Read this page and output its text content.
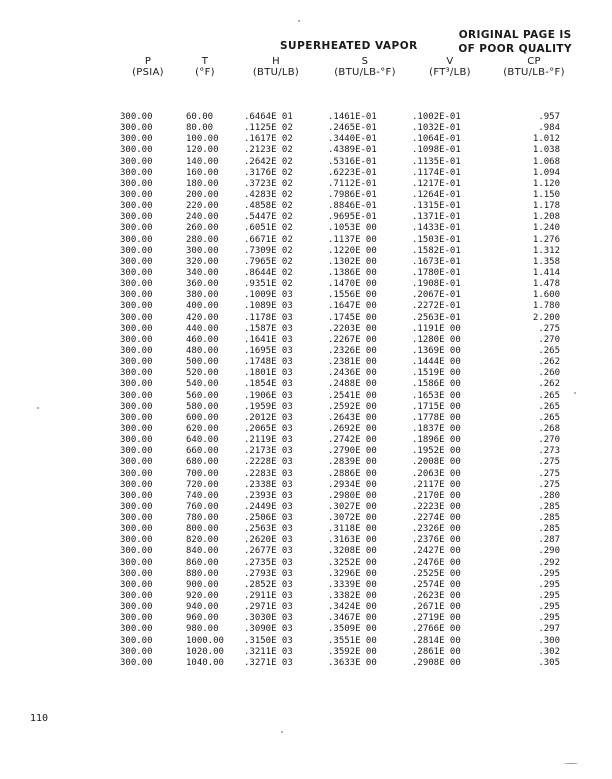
ORIGINAL PAGE IS
OF POOR QUALITY
SUPERHEATED VAPOR
P
(PSIA)
T
(°F)
H
(BTU/LB)
S
(BTU/LB-°F)
V
(FT³/LB)
CP
(BTU/LB-°F)
300.00	60.00	.6464E 01	.1461E-01	.1002E-01	.957
300.00	80.00	.1125E 02	.2465E-01	.1032E-01	.984
300.00	100.00	.1617E 02	.3440E-01	.1064E-01	1.012
300.00	120.00	.2123E 02	.4389E-01	.1098E-01	1.038
300.00	140.00	.2642E 02	.5316E-01	.1135E-01	1.068
300.00	160.00	.3176E 02	.6223E-01	.1174E-01	1.094
300.00	180.00	.3723E 02	.7112E-01	.1217E-01	1.120
300.00	200.00	.4283E 02	.7986E-01	.1264E-01	1.150
300.00	220.00	.4858E 02	.8846E-01	.1315E-01	1.178
300.00	240.00	.5447E 02	.9695E-01	.1371E-01	1.208
300.00	260.00	.6051E 02	.1053E 00	.1433E-01	1.240
300.00	280.00	.6671E 02	.1137E 00	.1503E-01	1.276
300.00	300.00	.7309E 02	.1220E 00	.1582E-01	1.312
300.00	320.00	.7965E 02	.1302E 00	.1673E-01	1.358
300.00	340.00	.8644E 02	.1386E 00	.1780E-01	1.414
300.00	360.00	.9351E 02	.1470E 00	.1908E-01	1.478
300.00	380.00	.1009E 03	.1556E 00	.2067E-01	1.600
300.00	400.00	.1089E 03	.1647E 00	.2272E-01	1.780
300.00	420.00	.1178E 03	.1745E 00	.2563E-01	2.200
300.00	440.00	.1587E 03	.2203E 00	.1191E 00	.275
300.00	460.00	.1641E 03	.2267E 00	.1280E 00	.270
300.00	480.00	.1695E 03	.2326E 00	.1369E 00	.265
300.00	500.00	.1748E 03	.2381E 00	.1444E 00	.262
300.00	520.00	.1801E 03	.2436E 00	.1519E 00	.260
300.00	540.00	.1854E 03	.2488E 00	.1586E 00	.262
300.00	560.00	.1906E 03	.2541E 00	.1653E 00	.265
300.00	580.00	.1959E 03	.2592E 00	.1715E 00	.265
300.00	600.00	.2012E 03	.2643E 00	.1778E 00	.265
300.00	620.00	.2065E 03	.2692E 00	.1837E 00	.268
300.00	640.00	.2119E 03	.2742E 00	.1896E 00	.270
300.00	660.00	.2173E 03	.2790E 00	.1952E 00	.273
300.00	680.00	.2228E 03	.2839E 00	.2008E 00	.275
300.00	700.00	.2283E 03	.2886E 00	.2063E 00	.275
300.00	720.00	.2338E 03	.2934E 00	.2117E 00	.275
300.00	740.00	.2393E 03	.2980E 00	.2170E 00	.280
300.00	760.00	.2449E 03	.3027E 00	.2223E 00	.285
300.00	780.00	.2506E 03	.3072E 00	.2274E 00	.285
300.00	800.00	.2563E 03	.3118E 00	.2326E 00	.285
300.00	820.00	.2620E 03	.3163E 00	.2376E 00	.287
300.00	840.00	.2677E 03	.3208E 00	.2427E 00	.290
300.00	860.00	.2735E 03	.3252E 00	.2476E 00	.292
300.00	880.00	.2793E 03	.3296E 00	.2525E 00	.295
300.00	900.00	.2852E 03	.3339E 00	.2574E 00	.295
300.00	920.00	.2911E 03	.3382E 00	.2623E 00	.295
300.00	940.00	.2971E 03	.3424E 00	.2671E 00	.295
300.00	960.00	.3030E 03	.3467E 00	.2719E 00	.295
300.00	980.00	.3090E 03	.3509E 00	.2766E 00	.297
300.00	1000.00 .3150E 03	.3551E 00	.2814E 00	.300
300.00	1020.00 .3211E 03	.3592E 00	.2861E 00	.302
300.00	1040.00 .3271E 03	.3633E 00	.2908E 00	.305
110
